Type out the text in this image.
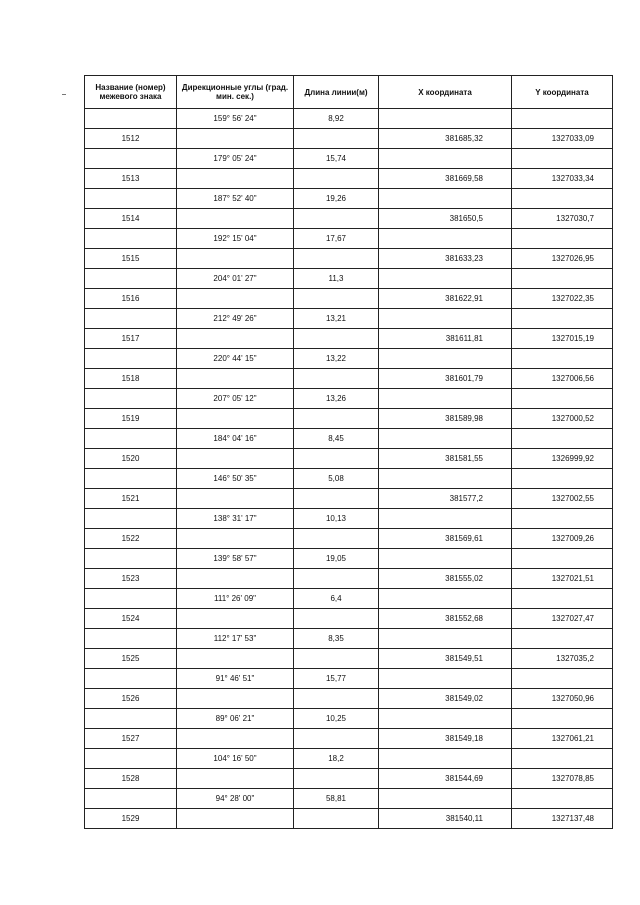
Название (номер) межевого знака	Дирекционные углы (град. мин. сек.)	Длина линии(м)	X координата	Y координата
	159° 56' 24"	8,92		
1512			381685,32	1327033,09
	179° 05' 24"	15,74		
1513			381669,58	1327033,34
	187° 52' 40"	19,26		
1514			381650,5	1327030,7
	192° 15' 04"	17,67		
1515			381633,23	1327026,95
	204° 01' 27"	11,3		
1516			381622,91	1327022,35
	212° 49' 26"	13,21		
1517			381611,81	1327015,19
	220° 44' 15"	13,22		
1518			381601,79	1327006,56
	207° 05' 12"	13,26		
1519			381589,98	1327000,52
	184° 04' 16"	8,45		
1520			381581,55	1326999,92
	146° 50' 35"	5,08		
1521			381577,2	1327002,55
	138° 31' 17"	10,13		
1522			381569,61	1327009,26
	139° 58' 57"	19,05		
1523			381555,02	1327021,51
	111° 26' 09"	6,4		
1524			381552,68	1327027,47
	112° 17' 53"	8,35		
1525			381549,51	1327035,2
	91° 46' 51"	15,77		
1526			381549,02	1327050,96
	89° 06' 21"	10,25		
1527			381549,18	1327061,21
	104° 16' 50"	18,2		
1528			381544,69	1327078,85
	94° 28' 00"	58,81		
1529			381540,11	1327137,48
